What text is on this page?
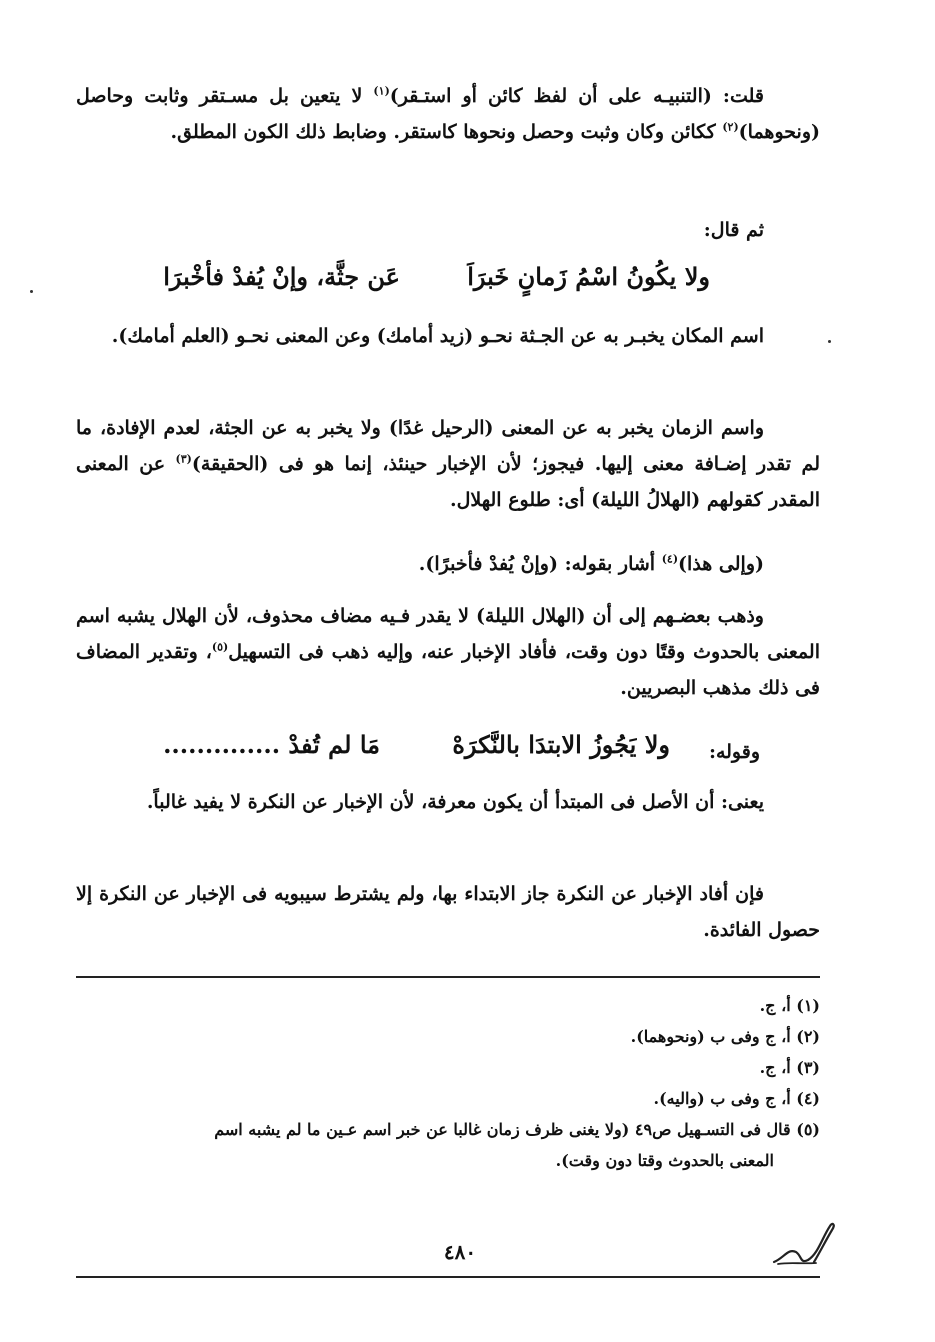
قلت: (التنبيـه على أن لفظ كائن أو استـقر)$^{(١)}$ لا يتعين بل مسـتقر وثابت وحاصل (ونحوهما)$^{(٢)}$ ككائن وكان وثبت وحصل ونحوها كاستقر. وضابط ذلك الكون المطلق.

ثم قال:

ولا يكُونُ اسْمُ زَمانٍ خَبرَاَ
عَن جثَّة، وإنْ يُفدْ فأخْبرَا

اسم المكان يخبـر به عن الجـثة نحـو (زيد أمامك) وعن المعنى نحـو (العلم أمامك).

واسم الزمان يخبر به عن المعنى (الرحيل غدًا) ولا يخبر به عن الجثة، لعدم الإفادة، ما لم تقدر إضـافة معنى إليها. فيجوز؛ لأن الإخبار حينئذ، إنما هو فى (الحقيقة)$^{(٣)}$ عن المعنى المقدر كقولهم (الهلالُ الليلة) أى: طلوع الهلال.

(وإلى هذا)$^{(٤)}$ أشار بقوله: (وإنْ يُفدْ فأخبرًا).

وذهب بعضـهم إلى أن (الهلال الليلة) لا يقدر فـيه مضاف محذوف، لأن الهلال يشبه اسم المعنى بالحدوث وقتًا دون وقت، فأفاد الإخبار عنه، وإليه ذهب فى التسهيل$^{(٥)}$، وتقدير المضاف فى ذلك مذهب البصريين.

وقوله:
ولا يَجُوزُ الابتدَا بالنَّكرَهْ
مَا لم تُفدْ ..............

يعنى: أن الأصل فى المبتدأ أن يكون معرفة، لأن الإخبار عن النكرة لا يفيد غالباً.

فإن أفاد الإخبار عن النكرة جاز الابتداء بها، ولم يشترط سيبويه فى الإخبار عن النكرة إلا حصول الفائدة.

(١) أ، ج.

(٢) أ، ج وفى ب (ونحوهما).

(٣) أ، ج.

(٤) أ، ج وفى ب (واليه).

(٥) قال فى التسـهيل ص٤٩ (ولا يغنى ظرف زمان غالبا عن خبر اسم عـين ما لم يشبه اسم

المعنى بالحدوث وقتا دون وقت).

٤٨٠
